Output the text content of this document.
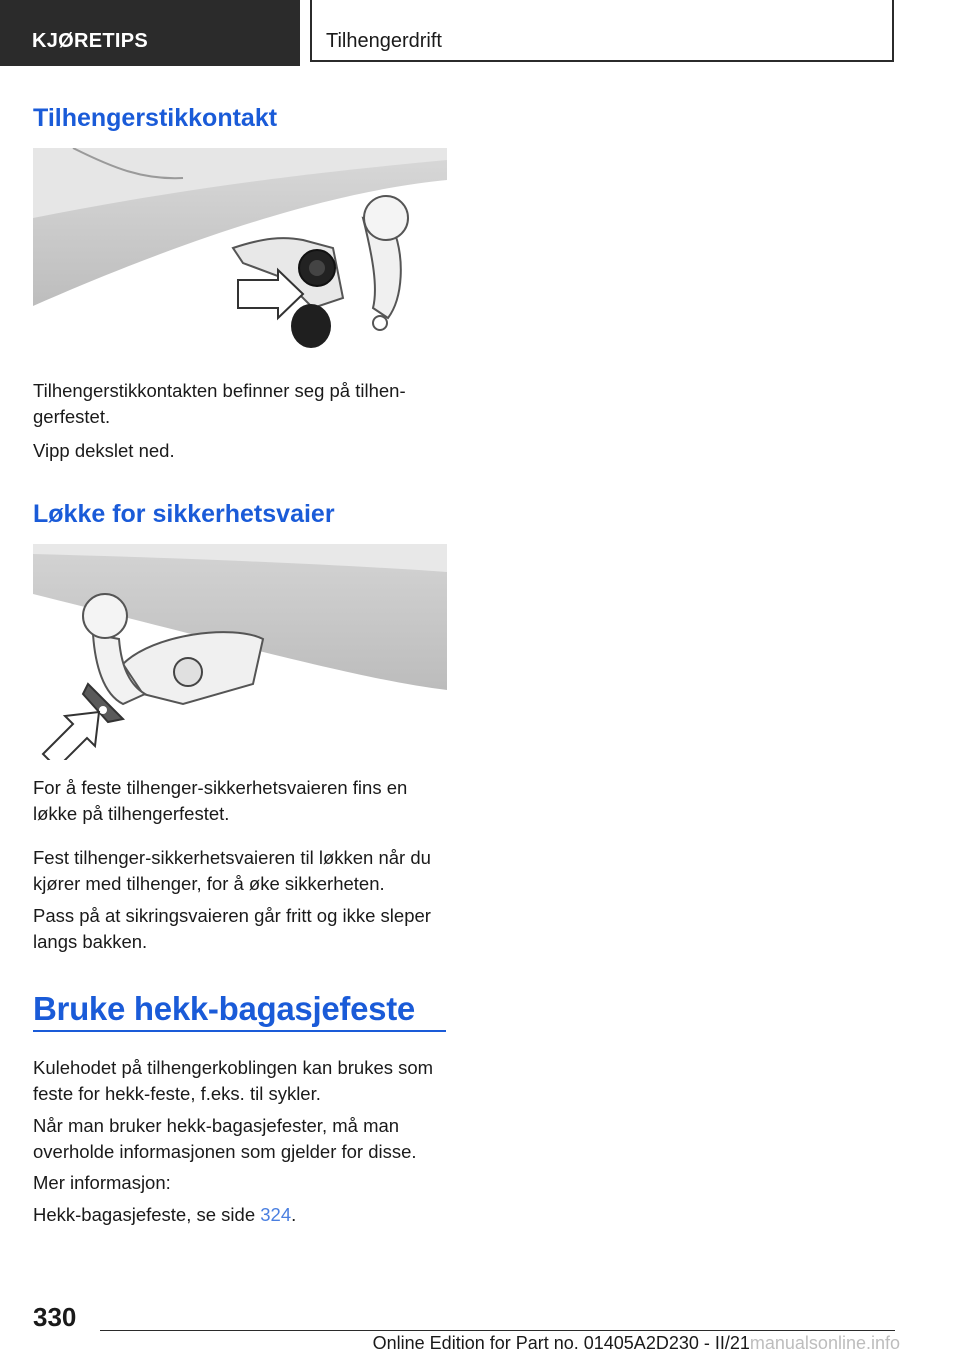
KJØRETIPS	Tilhengerdrift
Tilhengerstikkontakt

Tilhengerstikkontakten befinner seg på tilhen-gerfestet.

Vipp dekslet ned.

Løkke for sikkerhetsvaier

For å feste tilhenger-sikkerhetsvaieren fins en løkke på tilhengerfestet.

Fest tilhenger-sikkerhetsvaieren til løkken når du kjører med tilhenger, for å øke sikkerheten.

Pass på at sikringsvaieren går fritt og ikke sleper langs bakken.

Bruke hekk-bagasjefeste

Kulehodet på tilhengerkoblingen kan brukes som feste for hekk-feste, f.eks. til sykler.

Når man bruker hekk-bagasjefester, må man overholde informasjonen som gjelder for disse.

Mer informasjon:

Hekk-bagasjefeste, se side 324.

330

Online Edition for Part no. 01405A2D230 - II/21manualsonline.info
